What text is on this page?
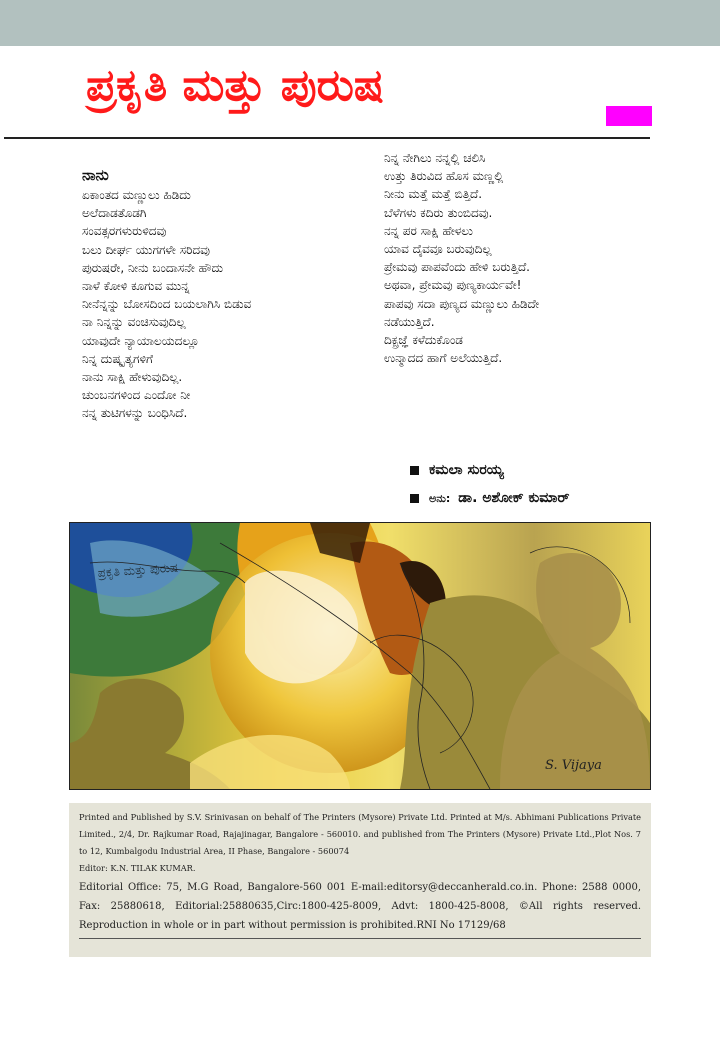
ಪ್ರಕೃತಿ ಮತ್ತು ಪುರುಷ
ನಾನು
ಏಕಾಂತದ ಮಣ್ಣುಲು ಹಿಡಿದು
ಅಲೆದಾಡತೊಡಗಿ
ಸಂವತ್ಸರಗಳುರುಳಿದವು
ಬಲು ದೀರ್ಘ ಯುಗಗಳೇ ಸರಿದವು
ಪುರುಷರೇ, ನೀನು ಬಂದಾಸನೇ ಹೌದು
ನಾಳೆ ಕೋಳಿ ಕೂಗುವ ಮುನ್ನ
ನೀನೆನ್ನನ್ನು ಬೋಸದಿಂದ ಬಯಲಾಗಿಸಿ ಬಿಡುವ
ನಾ ನಿನ್ನನ್ನು ವಂಚಿಸುವುದಿಲ್ಲ
ಯಾವುದೇ ನ್ಯಾಯಾಲಯದಲ್ಲೂ
ನಿನ್ನ ದುಷ್ಕೃತ್ಯಗಳಿಗೆ
ನಾನು ಸಾಕ್ಷಿ ಹೇಳುವುದಿಲ್ಲ.
ಚುಂಬನಗಳಿಂದ ಎಂದೋ ನೀ
ನನ್ನ ತುಟಿಗಳನ್ನು ಬಂಧಿಸಿದೆ.
ನಿನ್ನ ನೇಗಿಲು ನನ್ನಲ್ಲಿ ಚಲಿಸಿ
ಉತ್ತು ತಿರುವಿದ ಹೊಸ ಮಣ್ಣಲ್ಲಿ
ನೀನು ಮತ್ತೆ ಮತ್ತೆ ಬಿತ್ತಿದೆ.
ಬೆಳೆಗಳು ಕದಿರು ತುಂಬಿದವು.
ನನ್ನ ಪರ ಸಾಕ್ಷಿ ಹೇಳಲು
ಯಾವ ದೈವವೂ ಬರುವುದಿಲ್ಲ
ಪ್ರೇಮವು ಪಾಪವೆಂದು ಹೇಳಿ ಬರುತ್ತಿದೆ.
ಅಥವಾ, ಪ್ರೇಮವು ಪುಣ್ಯಕಾರ್ಯವೇ!
ಪಾಪವು ಸದಾ ಪುಣ್ಯದ ಮಣ್ಣುಲು ಹಿಡಿದೇ
ನಡೆಯುತ್ತಿದೆ.
ದಿಕ್ಪ್ರಜ್ಞೆ ಕಳೆದುಕೊಂಡ
ಉನ್ಮಾದದ ಹಾಗೆ ಅಲೆಯುತ್ತಿದೆ.
ಕಮಲಾ ಸುರಯ್ಯ
ಅನು: ಡಾ. ಅಶೋಕ್ ಕುಮಾರ್
ಪ್ರಕೃತಿ ಮತ್ತು ಪುರುಷ
S. Vijaya
Printed and Published by S.V. Srinivasan on behalf of The Printers (Mysore) Private Ltd. Printed at M/s. Abhimani Publications Private Limited., 2/4, Dr. Rajkumar Road, Rajajinagar, Bangalore - 560010. and published from The Printers (Mysore) Private Ltd.,Plot Nos. 7 to 12, Kumbalgodu Industrial Area, II Phase, Bangalore - 560074
Editor: K.N. TILAK KUMAR.
Editorial Office: 75, M.G Road, Bangalore-560 001 E-mail:editorsy@deccanherald.co.in. Phone: 2588 0000, Fax: 25880618, Editorial:25880635,Circ:1800-425-8009, Advt: 1800-425-8008, ©All rights reserved. Reproduction in whole or in part without permission is prohibited.RNI No 17129/68
